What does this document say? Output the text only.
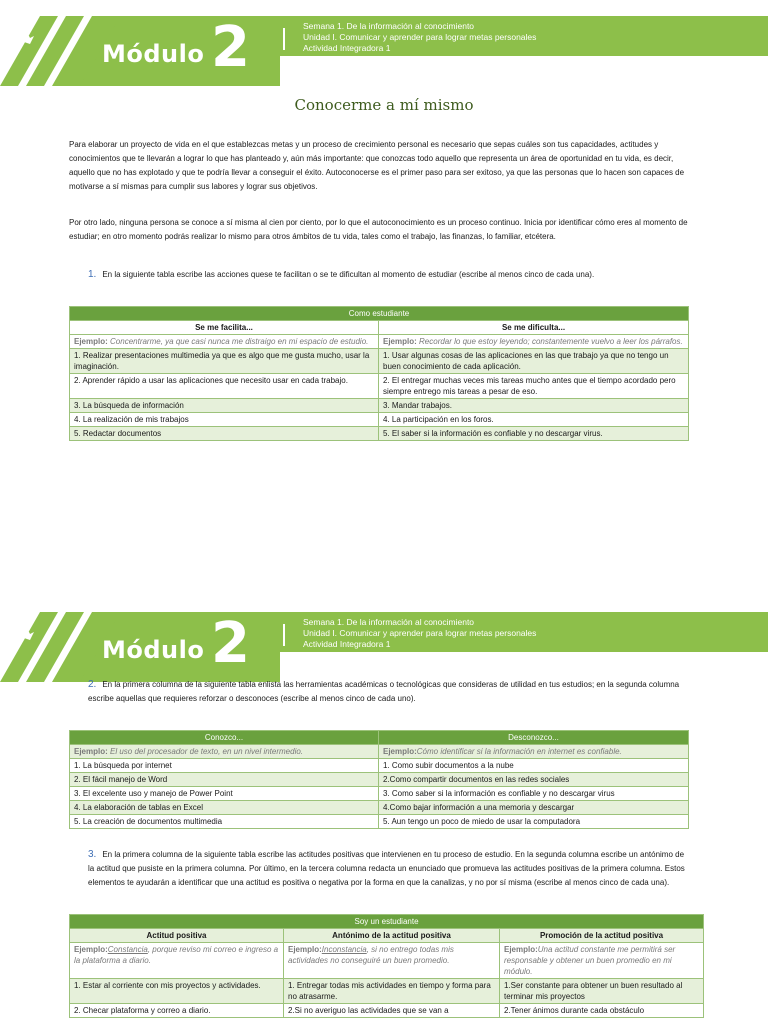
Módulo 2	Semana 1. De la información al conocimiento
Unidad I. Comunicar y aprender para lograr metas personales
Actividad Integradora 1
Conocerme a mí mismo
Para elaborar un proyecto de vida en el que establezcas metas y un proceso de crecimiento personal es necesario que sepas cuáles son tus capacidades, actitudes y conocimientos que te llevarán a lograr lo que has planteado y, aún más importante: que conozcas todo aquello que representa un área de oportunidad en tu vida, es decir, aquello que no has explotado y que te podría llevar a conseguir el éxito. Autoconocerse es el primer paso para ser exitoso, ya que las personas que lo hacen son capaces de motivarse a sí mismas para cumplir sus labores y lograr sus objetivos.
Por otro lado, ninguna persona se conoce a sí misma al cien por ciento, por lo que el autoconocimiento es un proceso continuo. Inicia por identificar cómo eres al momento de estudiar; en otro momento podrás realizar lo mismo para otros ámbitos de tu vida, tales como el trabajo, las finanzas, lo familiar, etcétera.
1. En la siguiente tabla escribe las acciones quese te facilitan o se te dificultan al momento de estudiar (escribe al menos cinco de cada una).
Como estudiante	
Se me facilita...	Se me dificulta...
Ejemplo: Concentrarme, ya que casi nunca me distraigo en mi espacio de estudio.	Ejemplo: Recordar lo que estoy leyendo; constantemente vuelvo a leer los párrafos.
1. Realizar presentaciones multimedia ya que es algo que me gusta mucho, usar la imaginación.	1. Usar algunas cosas de las aplicaciones en las que trabajo ya que no tengo un buen conocimiento de cada aplicación.
2. Aprender rápido a usar las aplicaciones que necesito usar en cada trabajo.	2. El entregar muchas veces mis tareas mucho antes que el tiempo acordado pero siempre entrego mis tareas a pesar de eso.
3. La búsqueda de información	3. Mandar trabajos.
4. La realización de mis trabajos	4. La participación en los foros.
5. Redactar documentos	5. El saber si la información es confiable y no descargar virus.
Módulo 2	Semana 1. De la información al conocimiento
Unidad I. Comunicar y aprender para lograr metas personales
Actividad Integradora 1
2. En la primera columna de la siguiente tabla enlista las herramientas académicas o tecnológicas que consideras de utilidad en tus estudios; en la segunda columna escribe aquellas que requieres reforzar o desconoces (escribe al menos cinco de cada uno).
Conozco...	Desconozco...
Ejemplo: El uso del procesador de texto, en un nivel intermedio.	Ejemplo:Cómo identificar si la información en internet es confiable.
1. La búsqueda por internet	1. Como subir documentos a la nube
2. El fácil manejo de Word	2.Como compartir documentos en las redes sociales
3. El excelente uso y manejo de Power Point	3. Como saber si la información es confiable y no descargar virus
4. La elaboración de tablas en Excel	4.Como bajar información a una memoria y descargar
5. La creación de documentos multimedia	5. Aun tengo un poco de miedo de usar la computadora
3. En la primera columna de la siguiente tabla escribe las actitudes positivas que intervienen en tu proceso de estudio. En la segunda columna escribe un antónimo de la actitud que pusiste en la primera columna. Por último, en la tercera columna redacta un enunciado que promueva las actitudes positivas de la primera columna. Estos elementos te ayudarán a identificar que una actitud es positiva o negativa por la forma en que la canalizas, y no por sí misma (escribe al menos cinco de cada una).
Soy un estudiante		
Actitud positiva	Antónimo de la actitud positiva	Promoción de la actitud positiva
Ejemplo:Constancia, porque reviso mi correo e ingreso a la plataforma a diario.	Ejemplo:Inconstancia, si no entrego todas mis actividades no conseguiré un buen promedio.	Ejemplo:Una actitud constante me permitirá ser responsable y obtener un buen promedio en mi módulo.
1. Estar al corriente con mis proyectos y actividades.	1. Entregar todas mis actividades en tiempo y forma para no atrasarme.	1.Ser constante para obtener un buen resultado al terminar mis proyectos
2. Checar plataforma y correo a diario.	2.Si no averiguo las actividades que se van a	2.Tener ánimos durante cada obstáculo
